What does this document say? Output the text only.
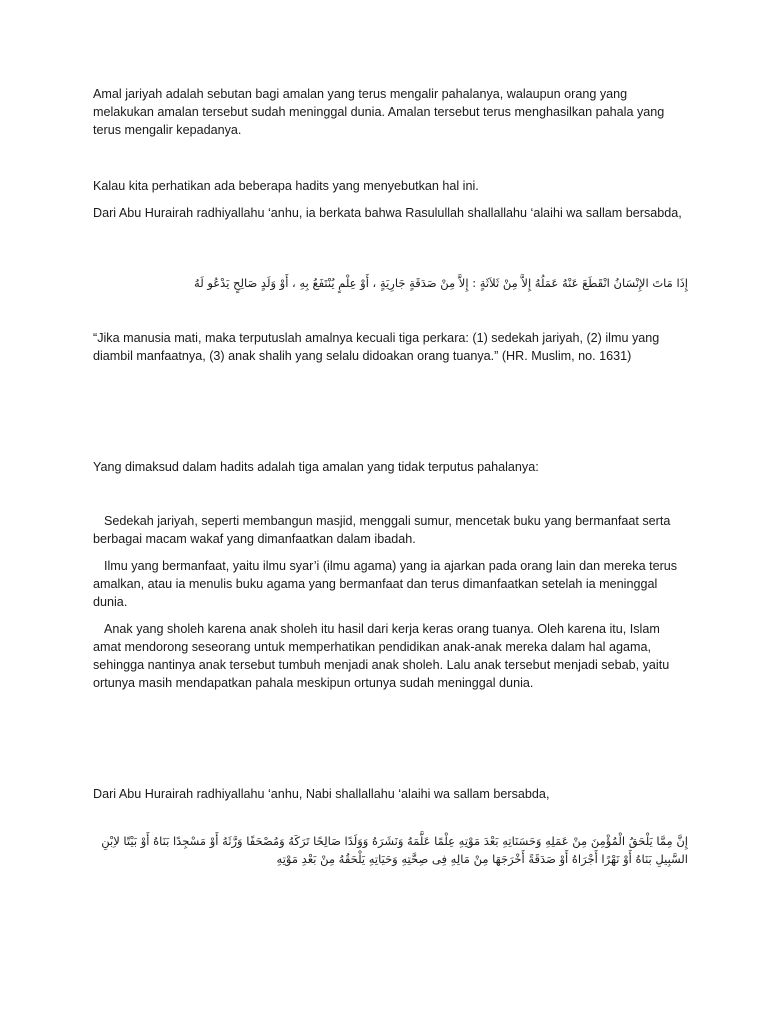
Amal jariyah adalah sebutan bagi amalan yang terus mengalir pahalanya, walaupun orang yang melakukan amalan tersebut sudah meninggal dunia. Amalan tersebut terus menghasilkan pahala yang terus mengalir kepadanya.

Kalau kita perhatikan ada beberapa hadits yang menyebutkan hal ini.

Dari Abu Hurairah radhiyallahu ‘anhu, ia berkata bahwa Rasulullah shallallahu ‘alaihi wa sallam bersabda,

إِذَا مَاتَ الإِنْسَانُ انْقَطَعَ عَنْهُ عَمَلُهُ إِلاَّ مِنْ ثَلاَثَةٍ : إِلاَّ مِنْ صَدَقَةٍ جَارِيَةٍ ، أَوْ عِلْمٍ يُنْتَفَعُ بِهِ ، أَوْ وَلَدٍ صَالِحٍ يَدْعُو لَهُ

“Jika manusia mati, maka terputuslah amalnya kecuali tiga perkara: (1) sedekah jariyah, (2) ilmu yang diambil manfaatnya, (3) anak shalih yang selalu didoakan orang tuanya.” (HR. Muslim, no. 1631)

Yang dimaksud dalam hadits adalah tiga amalan yang tidak terputus pahalanya:

Sedekah jariyah, seperti membangun masjid, menggali sumur, mencetak buku yang bermanfaat serta berbagai macam wakaf yang dimanfaatkan dalam ibadah.

Ilmu yang bermanfaat, yaitu ilmu syar’i (ilmu agama) yang ia ajarkan pada orang lain dan mereka terus amalkan, atau ia menulis buku agama yang bermanfaat dan terus dimanfaatkan setelah ia meninggal dunia.

Anak yang sholeh karena anak sholeh itu hasil dari kerja keras orang tuanya. Oleh karena itu, Islam amat mendorong seseorang untuk memperhatikan pendidikan anak-anak mereka dalam hal agama, sehingga nantinya anak tersebut tumbuh menjadi anak sholeh. Lalu anak tersebut menjadi sebab, yaitu ortunya masih mendapatkan pahala meskipun ortunya sudah meninggal dunia.

Dari Abu Hurairah radhiyallahu ‘anhu, Nabi shallallahu ‘alaihi wa sallam bersabda,

إِنَّ مِمَّا يَلْحَقُ الْمُؤْمِنَ مِنْ عَمَلِهِ وَحَسَنَاتِهِ بَعْدَ مَوْتِهِ عِلْمًا عَلَّمَهُ وَنَشَرَهُ وَوَلَدًا صَالِحًا تَرَكَهُ وَمُصْحَفًا وَرَّثَهُ أَوْ مَسْجِدًا بَنَاهُ أَوْ بَيْتًا لاِبْنِ السَّبِيلِ بَنَاهُ أَوْ نَهْرًا أَجْرَاهُ أَوْ صَدَقَةً أَخْرَجَهَا مِنْ مَالِهِ فِى صِحَّتِهِ وَحَيَاتِهِ يَلْحَقُهُ مِنْ بَعْدِ مَوْتِهِ
